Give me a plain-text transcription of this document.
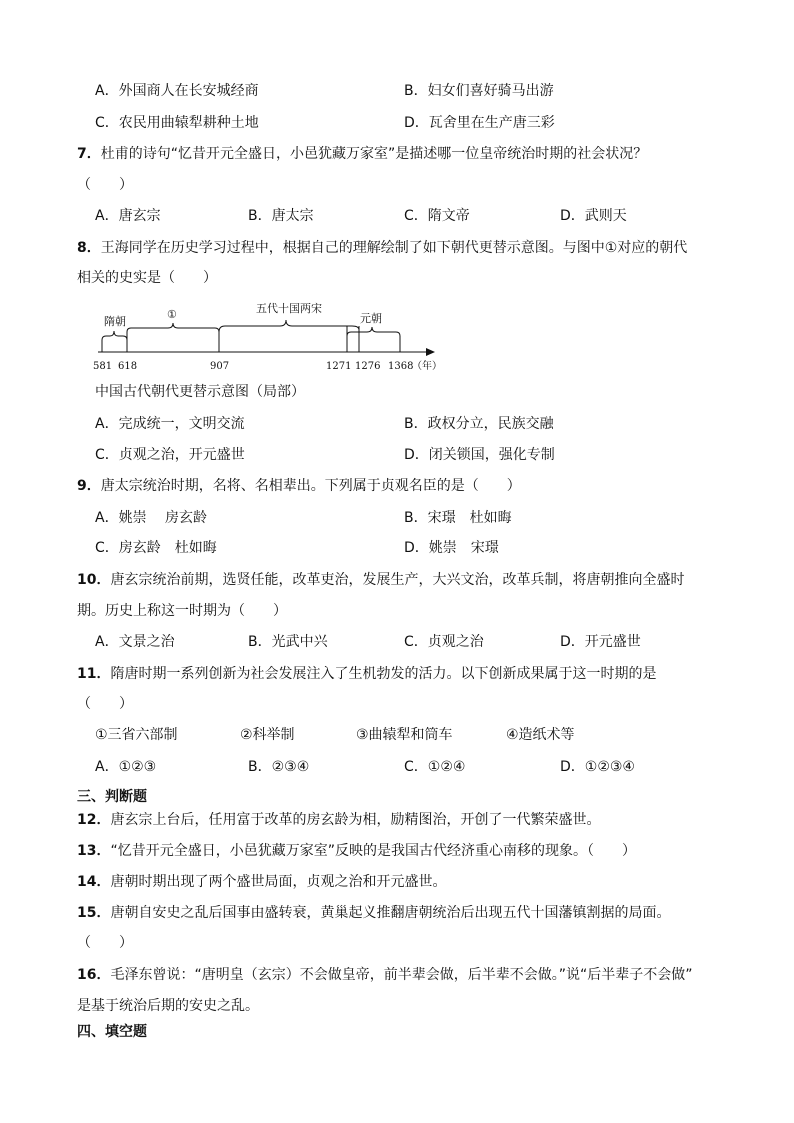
A．外国商人在长安城经商	B．妇女们喜好骑马出游
C．农民用曲辕犁耕种土地	D．瓦舍里在生产唐三彩
7．杜甫的诗句“忆昔开元全盛日，小邑犹藏万家室”是描述哪一位皇帝统治时期的社会状况？
（　　）
A．唐玄宗	B．唐太宗	C．隋文帝	D．武则天
8．王海同学在历史学习过程中，根据自己的理解绘制了如下朝代更替示意图。与图中①对应的朝代
相关的史实是（　　）
隋朝
①	五代十国两宋
元朝
581 618	907	1271 1276 1368
（年）
中国古代朝代更替示意图（局部）
A．完成统一，文明交流	B．政权分立，民族交融
C．贞观之治，开元盛世	D．闭关锁国，强化专制
9．唐太宗统治时期，名将、名相辈出。下列属于贞观名臣的是（　　）
A．姚崇　 房玄龄	B．宋璟　杜如晦
C．房玄龄　杜如晦	D．姚崇　宋璟
10．唐玄宗统治前期，选贤任能，改革吏治，发展生产，大兴文治，改革兵制，将唐朝推向全盛时
期。历史上称这一时期为（　　）
A．文景之治	B．光武中兴	C．贞观之治	D．开元盛世
11．隋唐时期一系列创新为社会发展注入了生机勃发的活力。以下创新成果属于这一时期的是
（　　）
①三省六部制	②科举制	③曲辕犁和筒车	④造纸术等
A．①②③	B．②③④	C．①②④	D．①②③④
三、判断题
12．唐玄宗上台后，任用富于改革的房玄龄为相，励精图治，开创了一代繁荣盛世。
13．“忆昔开元全盛日，小邑犹藏万家室”反映的是我国古代经济重心南移的现象。（　　）
14．唐朝时期出现了两个盛世局面，贞观之治和开元盛世。
15．唐朝自安史之乱后国事由盛转衰，黄巢起义推翻唐朝统治后出现五代十国藩镇割据的局面。
（　　）
16．毛泽东曾说：“唐明皇（玄宗）不会做皇帝，前半辈会做，后半辈不会做。”说“后半辈子不会做”
是基于统治后期的安史之乱。
四、填空题
